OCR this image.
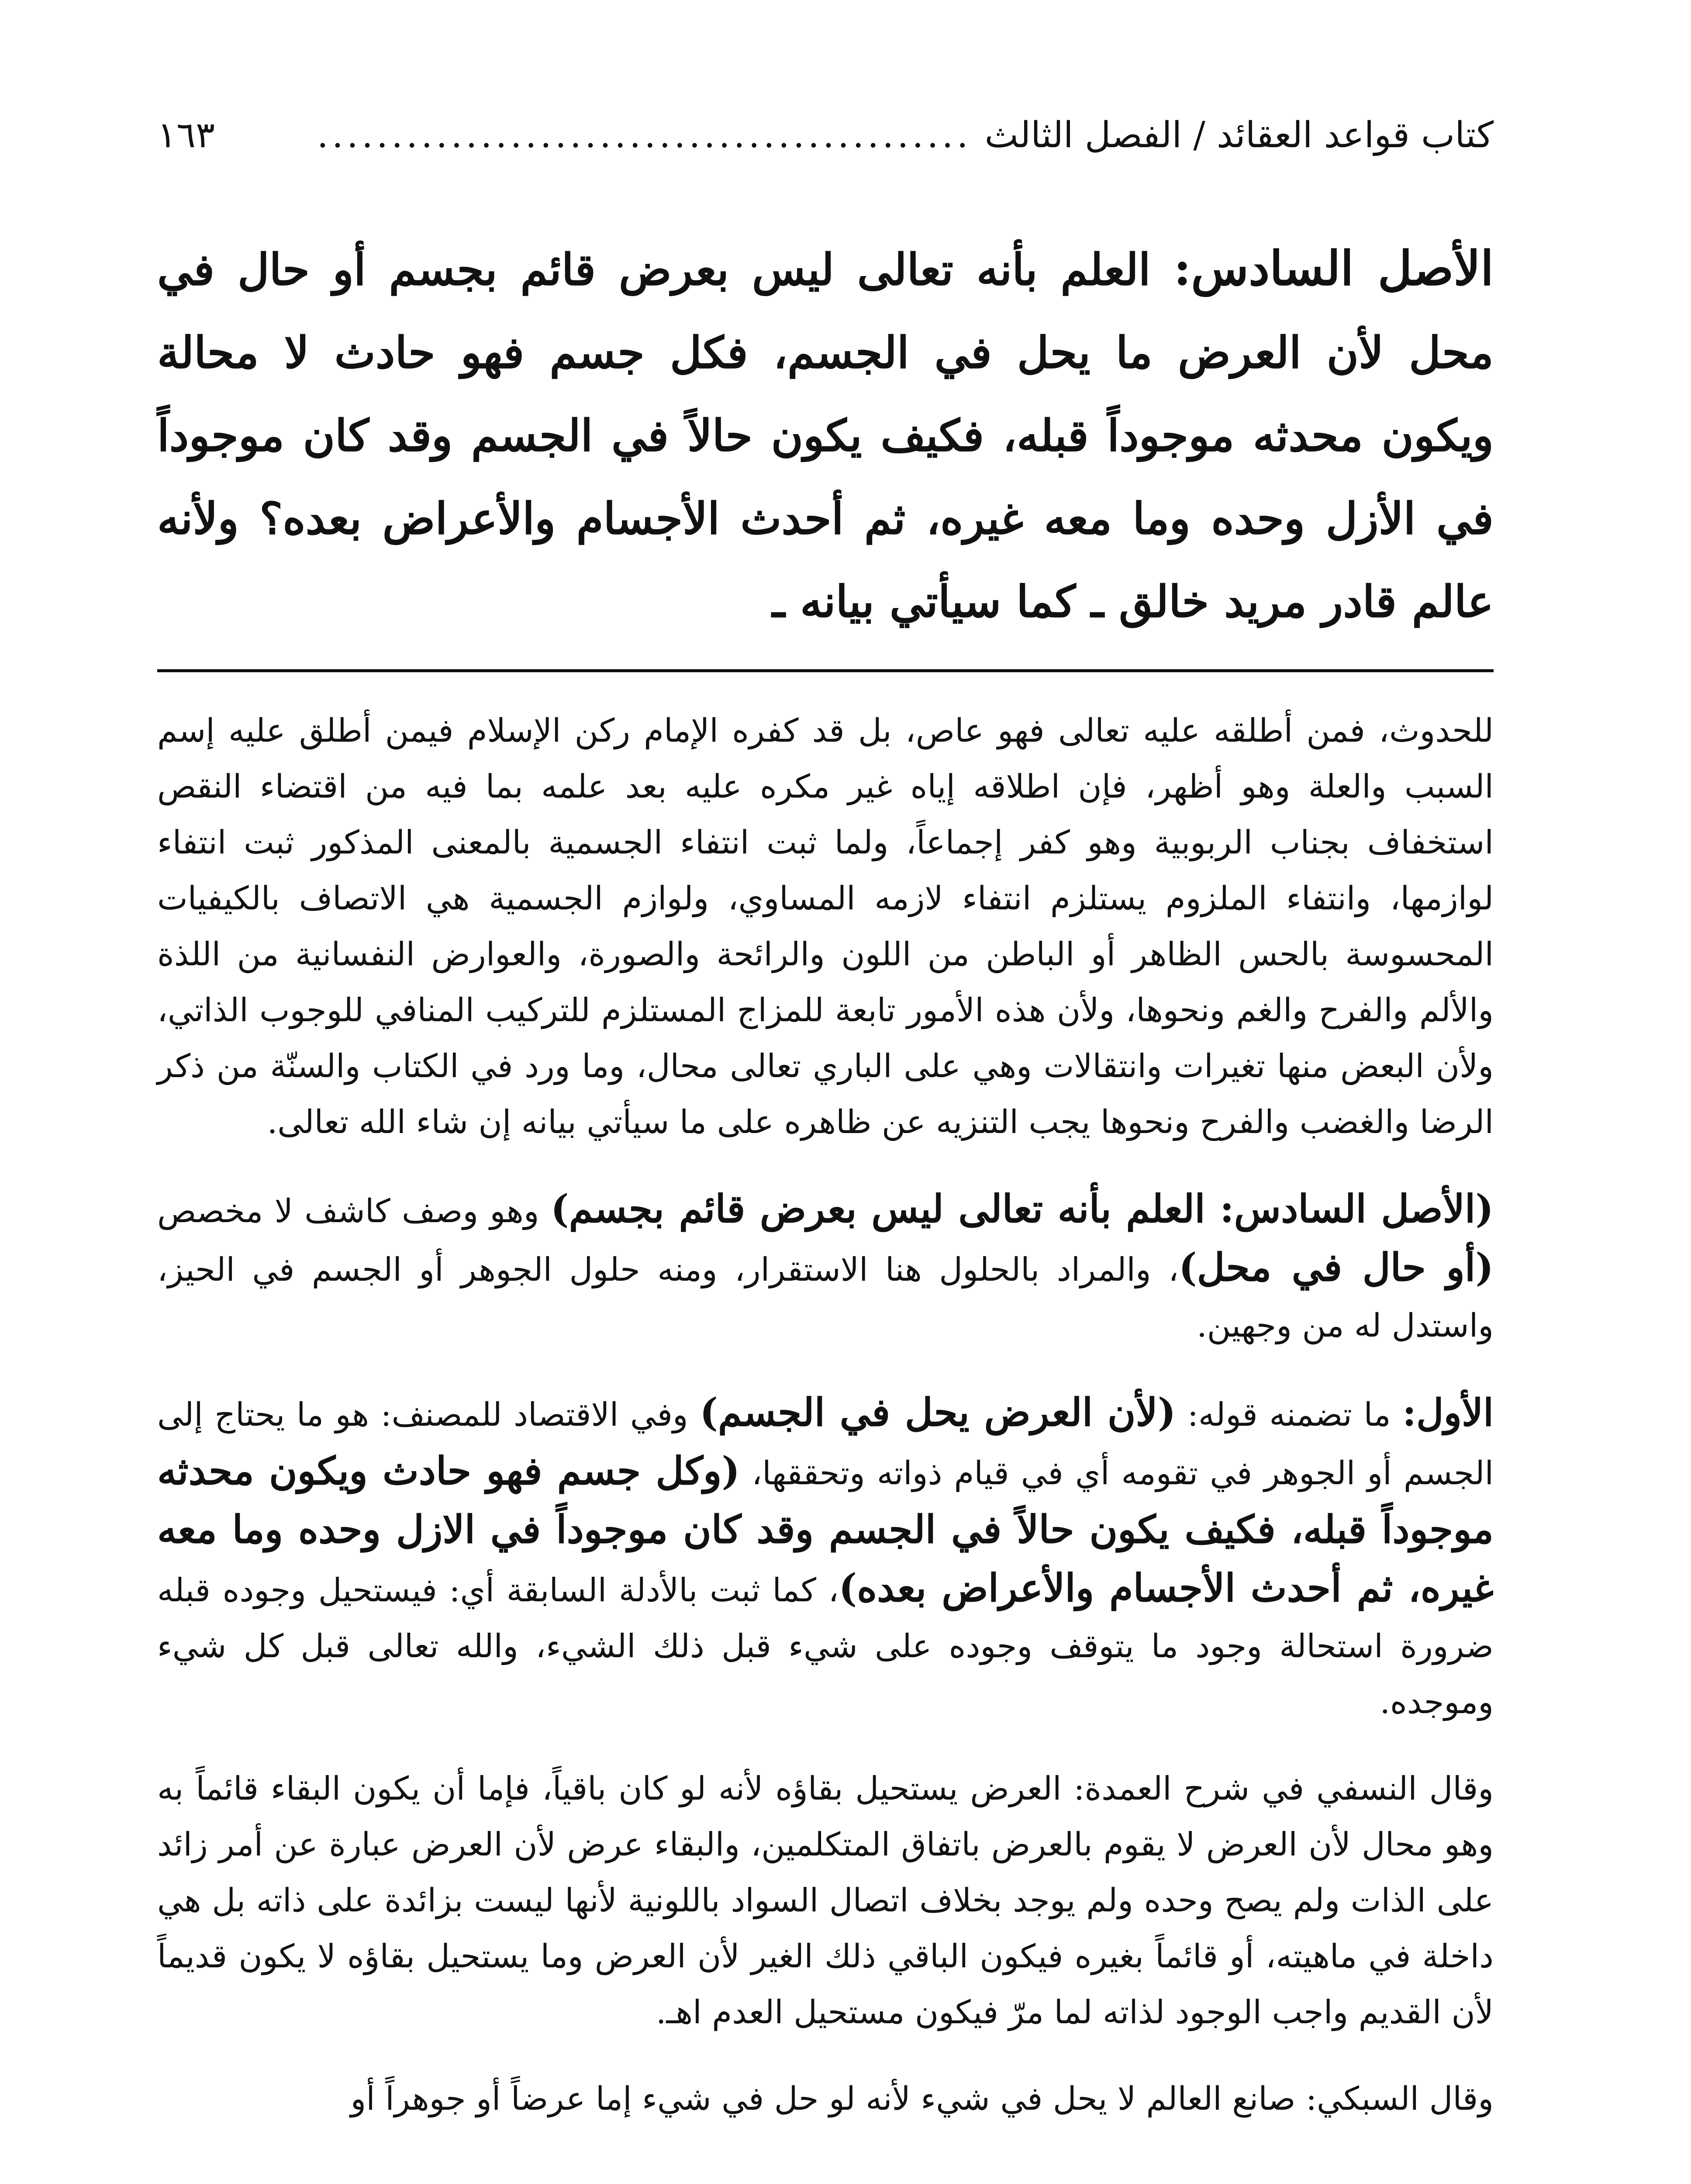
كتاب قواعد العقائد / الفصل الثالث
............................................
١٦٣

الأصل السادس: العلم بأنه تعالى ليس بعرض قائم بجسم أو حال في محل لأن العرض ما يحل في الجسم، فكل جسم فهو حادث لا محالة ويكون محدثه موجوداً قبله، فكيف يكون حالاً في الجسم وقد كان موجوداً في الأزل وحده وما معه غيره، ثم أحدث الأجسام والأعراض بعده؟ ولأنه عالم قادر مريد خالق ـ كما سيأتي بيانه ـ

للحدوث، فمن أطلقه عليه تعالى فهو عاص، بل قد كفره الإمام ركن الإسلام فيمن أطلق عليه إسم السبب والعلة وهو أظهر، فإن اطلاقه إياه غير مكره عليه بعد علمه بما فيه من اقتضاء النقص استخفاف بجناب الربوبية وهو كفر إجماعاً، ولما ثبت انتفاء الجسمية بالمعنى المذكور ثبت انتفاء لوازمها، وانتفاء الملزوم يستلزم انتفاء لازمه المساوي، ولوازم الجسمية هي الاتصاف بالكيفيات المحسوسة بالحس الظاهر أو الباطن من اللون والرائحة والصورة، والعوارض النفسانية من اللذة والألم والفرح والغم ونحوها، ولأن هذه الأمور تابعة للمزاج المستلزم للتركيب المنافي للوجوب الذاتي، ولأن البعض منها تغيرات وانتقالات وهي على الباري تعالى محال، وما ورد في الكتاب والسنّة من ذكر الرضا والغضب والفرح ونحوها يجب التنزيه عن ظاهره على ما سيأتي بيانه إن شاء الله تعالى.

(الأصل السادس: العلم بأنه تعالى ليس بعرض قائم بجسم) وهو وصف كاشف لا مخصص (أو حال في محل)، والمراد بالحلول هنا الاستقرار، ومنه حلول الجوهر أو الجسم في الحيز، واستدل له من وجهين.

الأول: ما تضمنه قوله: (لأن العرض يحل في الجسم) وفي الاقتصاد للمصنف: هو ما يحتاج إلى الجسم أو الجوهر في تقومه أي في قيام ذواته وتحققها، (وكل جسم فهو حادث ويكون محدثه موجوداً قبله، فكيف يكون حالاً في الجسم وقد كان موجوداً في الازل وحده وما معه غيره، ثم أحدث الأجسام والأعراض بعده)، كما ثبت بالأدلة السابقة أي: فيستحيل وجوده قبله ضرورة استحالة وجود ما يتوقف وجوده على شيء قبل ذلك الشيء، والله تعالى قبل كل شيء وموجده.

وقال النسفي في شرح العمدة: العرض يستحيل بقاؤه لأنه لو كان باقياً، فإما أن يكون البقاء قائماً به وهو محال لأن العرض لا يقوم بالعرض باتفاق المتكلمين، والبقاء عرض لأن العرض عبارة عن أمر زائد على الذات ولم يصح وحده ولم يوجد بخلاف اتصال السواد باللونية لأنها ليست بزائدة على ذاته بل هي داخلة في ماهيته، أو قائماً بغيره فيكون الباقي ذلك الغير لأن العرض وما يستحيل بقاؤه لا يكون قديماً لأن القديم واجب الوجود لذاته لما مرّ فيكون مستحيل العدم اهـ.

وقال السبكي: صانع العالم لا يحل في شيء لأنه لو حل في شيء إما عرضاً أو جوهراً أو
